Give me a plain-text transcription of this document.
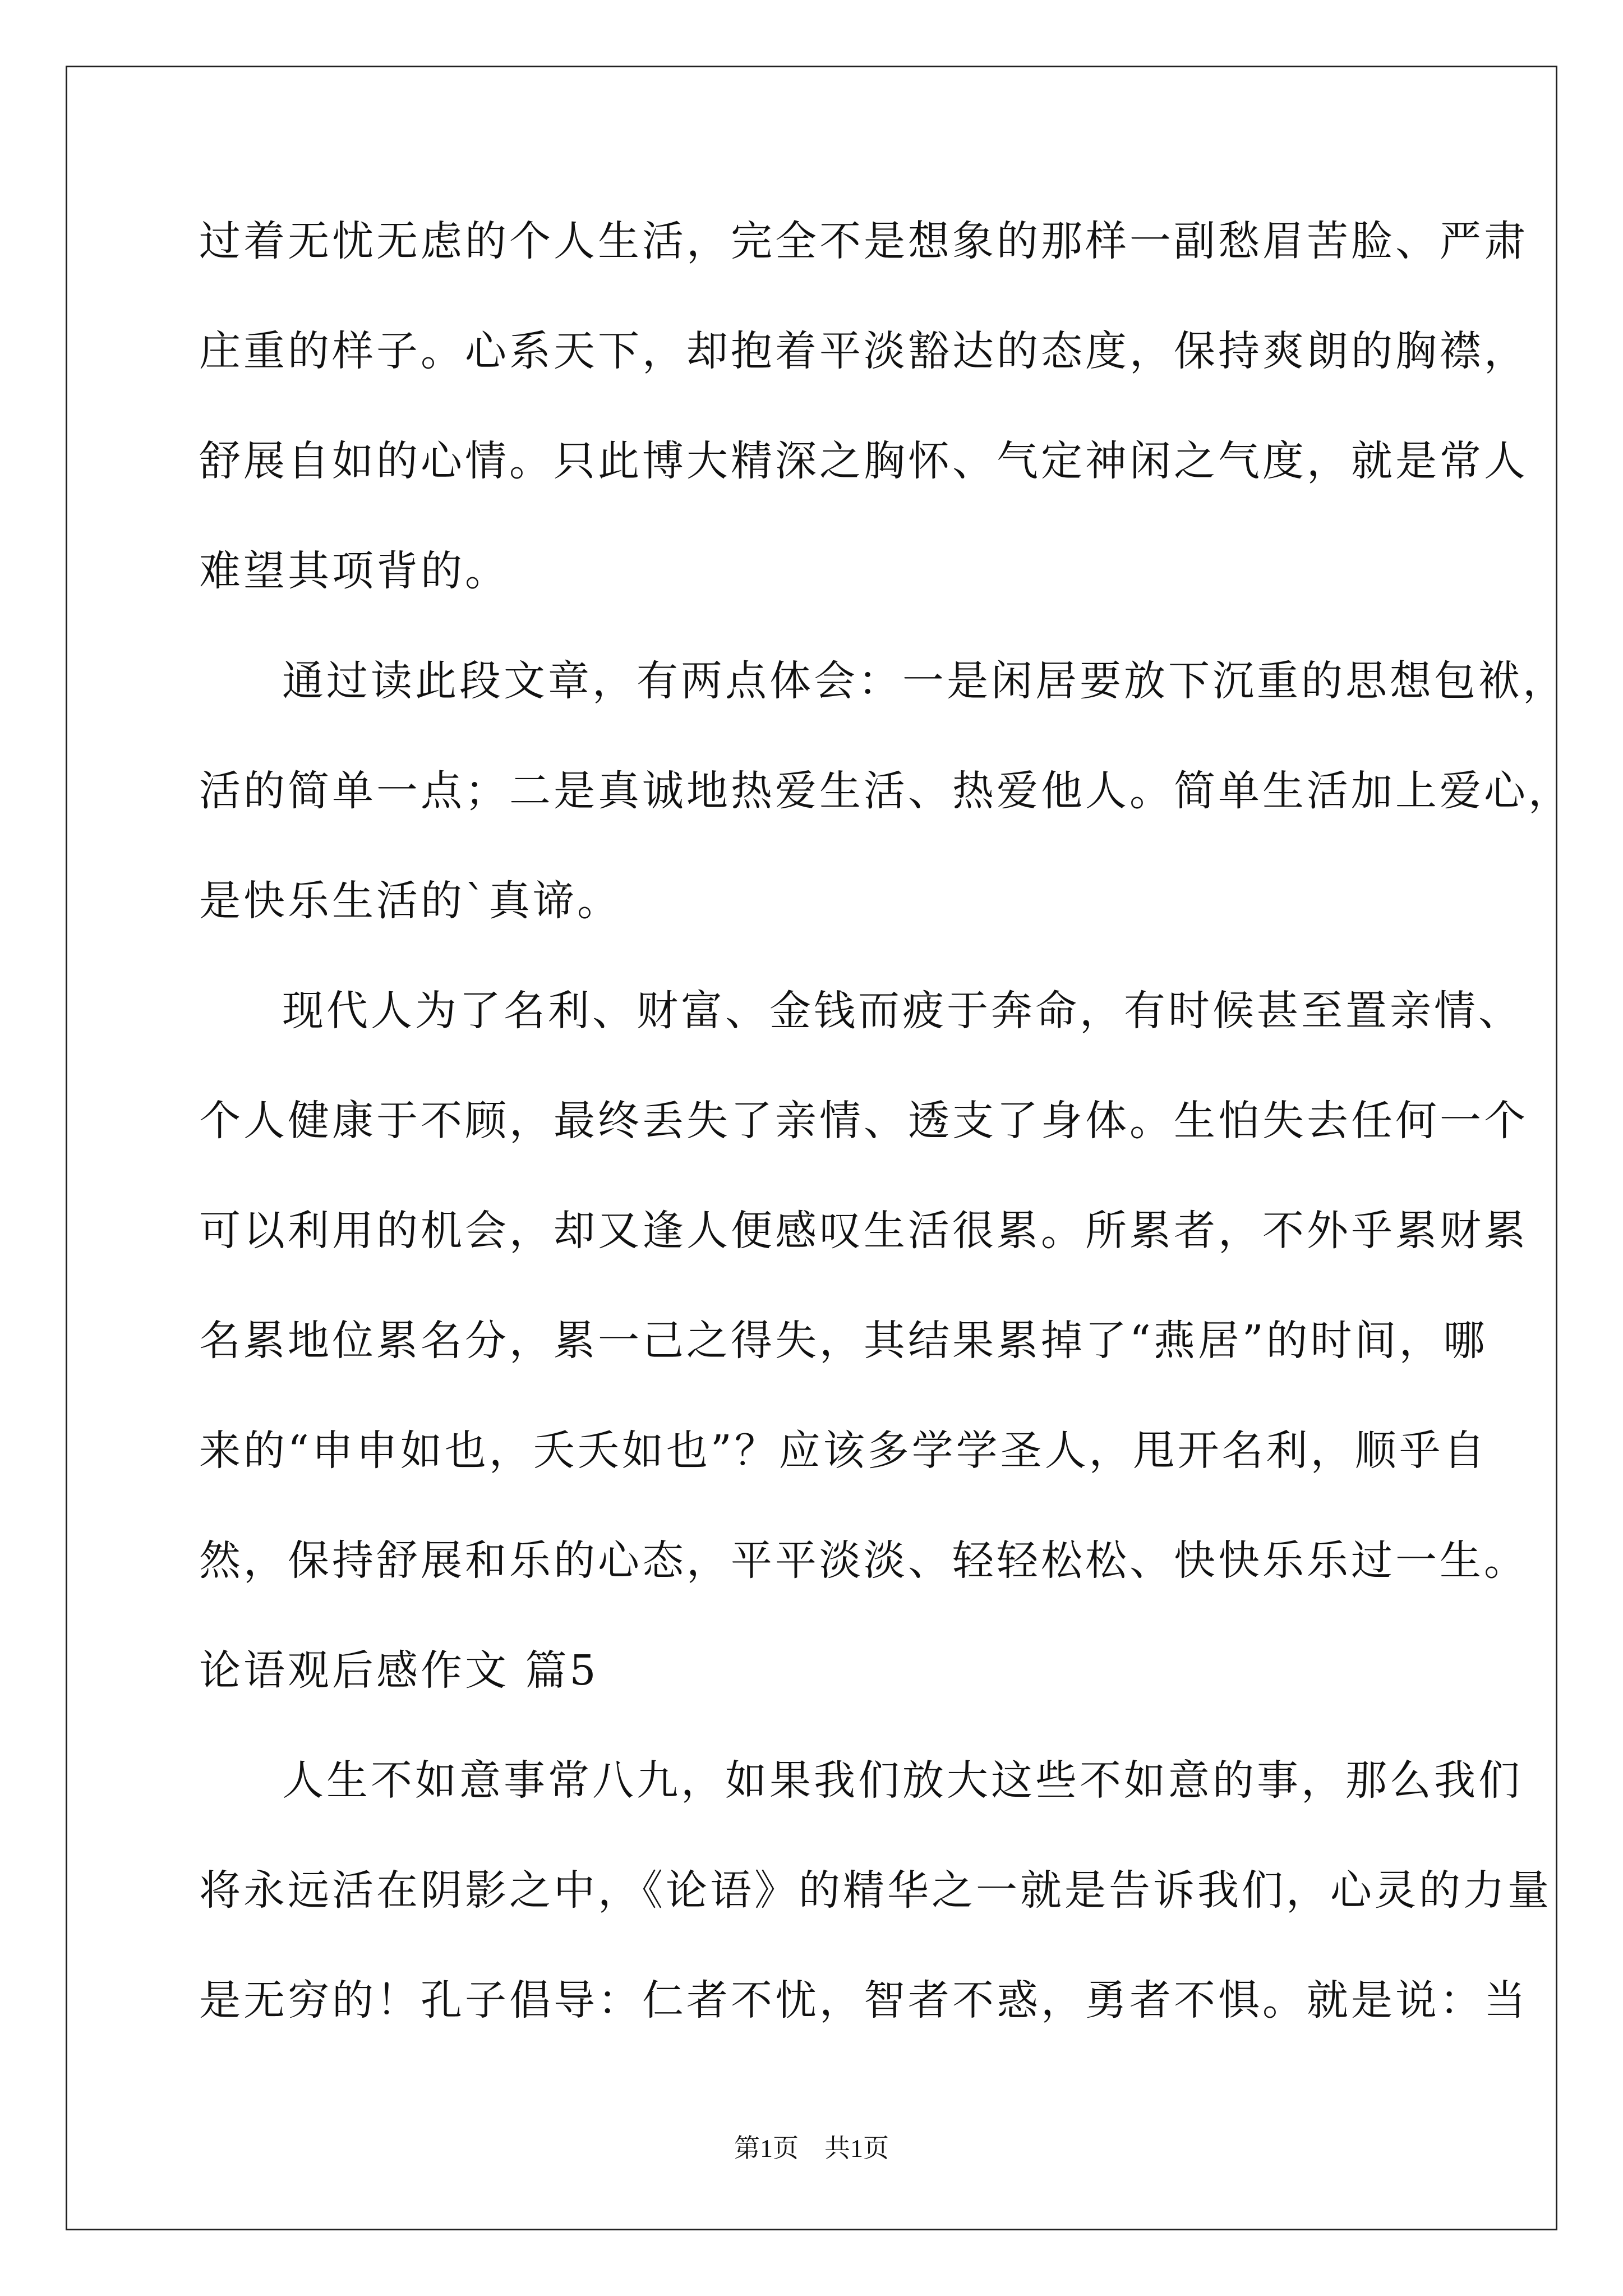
过着无忧无虑的个人生活，完全不是想象的那样一副愁眉苦脸、严肃
庄重的样子。心系天下，却抱着平淡豁达的态度，保持爽朗的胸襟，
舒展自如的心情。只此博大精深之胸怀、气定神闲之气度，就是常人
难望其项背的。
通过读此段文章，有两点体会：一是闲居要放下沉重的思想包袱，
活的简单一点；二是真诚地热爱生活、热爱他人。简单生活加上爱心，
是快乐生活的`真谛。
现代人为了名利、财富、金钱而疲于奔命，有时候甚至置亲情、
个人健康于不顾，最终丢失了亲情、透支了身体。生怕失去任何一个
可以利用的机会，却又逢人便感叹生活很累。所累者，不外乎累财累
名累地位累名分，累一己之得失，其结果累掉了“燕居”的时间，哪
来的“申申如也，夭夭如也”？应该多学学圣人，甩开名利，顺乎自
然，保持舒展和乐的心态，平平淡淡、轻轻松松、快快乐乐过一生。
论语观后感作文 篇5
人生不如意事常八九，如果我们放大这些不如意的事，那么我们
将永远活在阴影之中，《论语》的精华之一就是告诉我们，心灵的力量
是无穷的！孔子倡导：仁者不忧，智者不惑，勇者不惧。就是说：当
第1页　共1页
